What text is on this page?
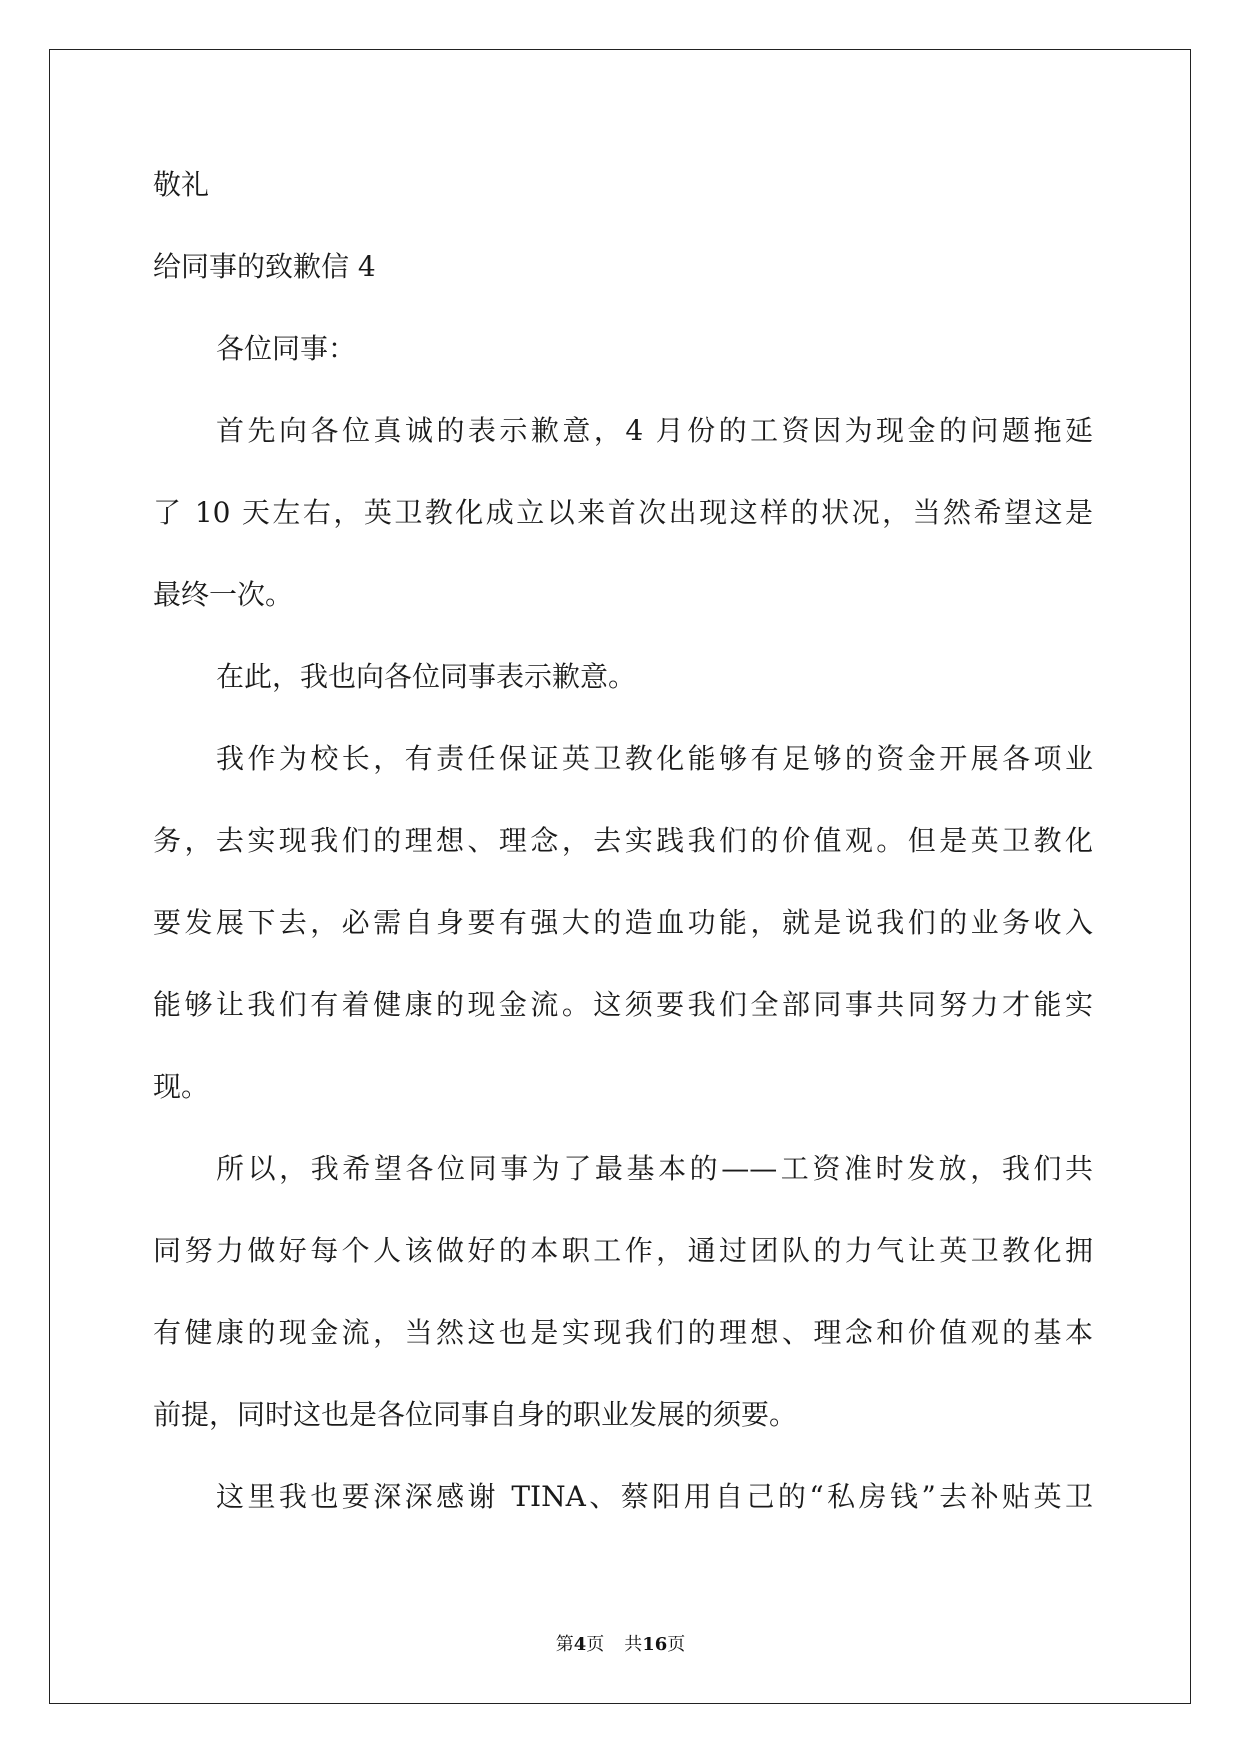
敬礼

给同事的致歉信 4

各位同事：

首先向各位真诚的表示歉意，4 月份的工资因为现金的问题拖延

了 10 天左右，英卫教化成立以来首次出现这样的状况，当然希望这是

最终一次。

在此，我也向各位同事表示歉意。

我作为校长，有责任保证英卫教化能够有足够的资金开展各项业

务，去实现我们的理想、理念，去实践我们的价值观。但是英卫教化

要发展下去，必需自身要有强大的造血功能，就是说我们的业务收入

能够让我们有着健康的现金流。这须要我们全部同事共同努力才能实

现。

所以，我希望各位同事为了最基本的——工资准时发放，我们共

同努力做好每个人该做好的本职工作，通过团队的力气让英卫教化拥

有健康的现金流，当然这也是实现我们的理想、理念和价值观的基本

前提，同时这也是各位同事自身的职业发展的须要。

这里我也要深深感谢 TINA、蔡阳用自己的“私房钱”去补贴英卫

第4页 共16页
